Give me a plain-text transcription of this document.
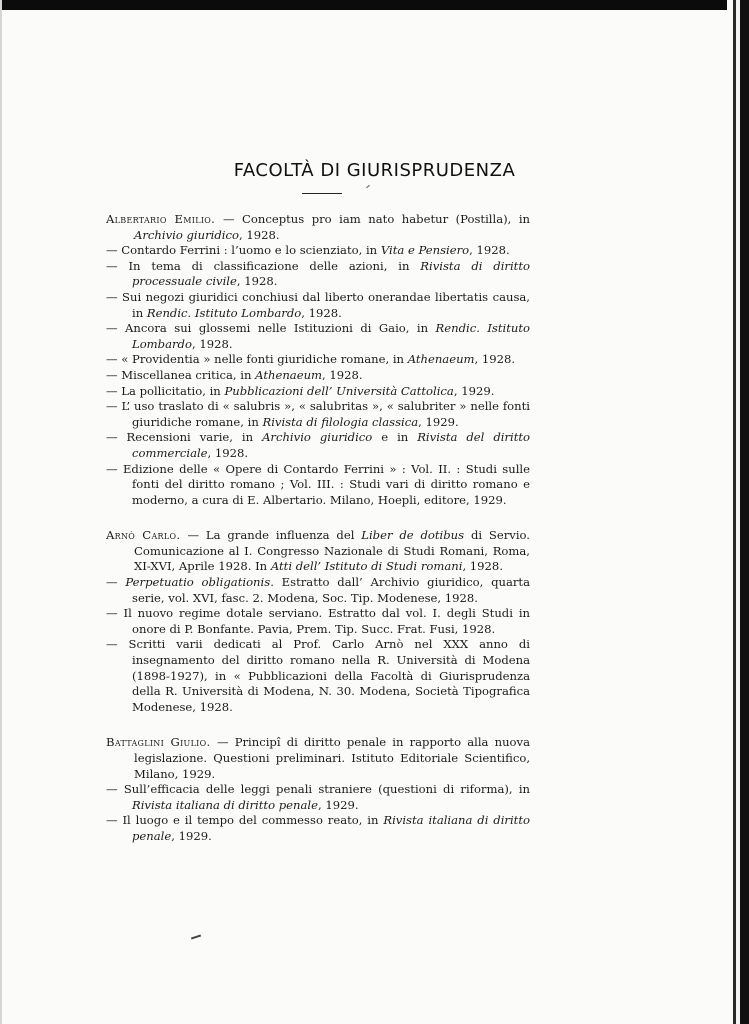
FACOLTÀ DI GIURISPRUDENZA
Albertario Emilio. — Conceptus pro iam nato habetur (Postilla), in Archivio giuridico, 1928.
— Contardo Ferrini : l’uomo e lo scienziato, in Vita e Pensiero, 1928.
— In tema di classificazione delle azioni, in Rivista di diritto processuale civile, 1928.
— Sui negozi giuridici conchiusi dal liberto onerandae libertatis causa, in Rendic. Istituto Lombardo, 1928.
— Ancora sui glossemi nelle Istituzioni di Gaio, in Rendic. Istituto Lombardo, 1928.
— « Providentia » nelle fonti giuridiche romane, in Athenaeum, 1928.
— Miscellanea critica, in Athenaeum, 1928.
— La pollicitatio, in Pubblicazioni dell’ Università Cattolica, 1929.
— L’ uso traslato di « salubris », « salubritas », « salubriter » nelle fonti giuridiche romane, in Rivista di filologia classica, 1929.
— Recensioni varie, in Archivio giuridico e in Rivista del diritto commerciale, 1928.
— Edizione delle « Opere di Contardo Ferrini » : Vol. II. : Studi sulle fonti del diritto romano ; Vol. III. : Studi vari di diritto romano e moderno, a cura di E. Albertario. Milano, Hoepli, editore, 1929.
Arnò Carlo. — La grande influenza del Liber de dotibus di Servio. Comunicazione al I. Congresso Nazionale di Studi Romani, Roma, XI-XVI, Aprile 1928. In Atti dell’ Istituto di Studi romani, 1928.
— Perpetuatio obligationis. Estratto dall’ Archivio giuridico, quarta serie, vol. XVI, fasc. 2. Modena, Soc. Tip. Modenese, 1928.
— Il nuovo regime dotale serviano. Estratto dal vol. I. degli Studi in onore di P. Bonfante. Pavia, Prem. Tip. Succ. Frat. Fusi, 1928.
— Scritti varii dedicati al Prof. Carlo Arnò nel XXX anno di insegnamento del diritto romano nella R. Università di Modena (1898-1927), in « Pubblicazioni della Facoltà di Giurisprudenza della R. Università di Modena, N. 30. Modena, Società Tipografica Modenese, 1928.
Battaglini Giulio. — Principî di diritto penale in rapporto alla nuova legislazione. Questioni preliminari. Istituto Editoriale Scientifico, Milano, 1929.
— Sull’efficacia delle leggi penali straniere (questioni di riforma), in Rivista italiana di diritto penale, 1929.
— Il luogo e il tempo del commesso reato, in Rivista italiana di diritto penale, 1929.
